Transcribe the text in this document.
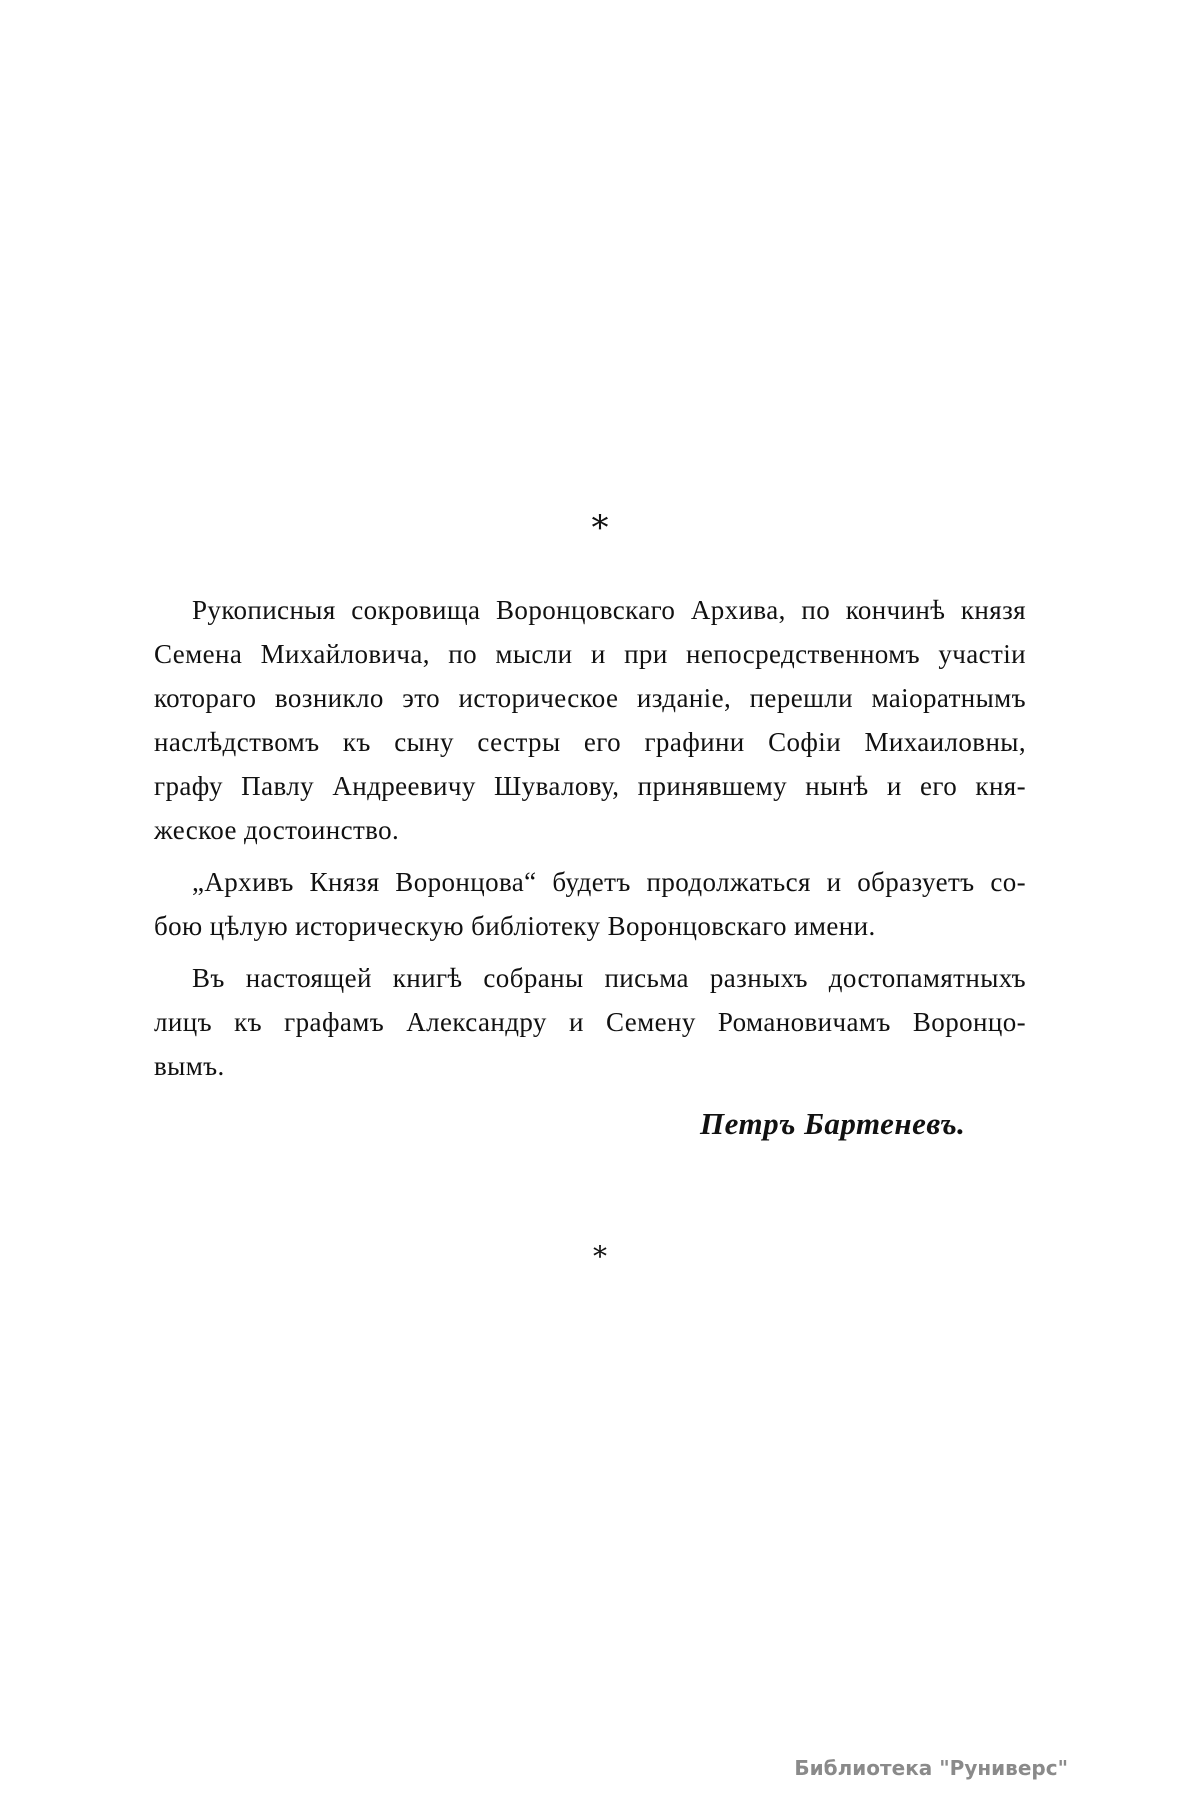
*

Рукописныя сокровища Воронцовскаго Архива, по кончинѣ князя
Семена Михайловича, по мысли и при непосредственномъ участіи
котораго возникло это историческое изданіе, перешли маіоратнымъ
наслѣдствомъ къ сыну сестры его графини Софіи Михаиловны,
графу Павлу Андреевичу Шувалову, принявшему нынѣ и его кня-
жеское достоинство.

„Архивъ Князя Воронцова“ будетъ продолжаться и образуетъ со-
бою цѣлую историческую библіотеку Воронцовскаго имени.

Въ настоящей книгѣ собраны письма разныхъ достопамятныхъ
лицъ къ графамъ Александру и Семену Романовичамъ Воронцо-
вымъ.

Петръ Бартеневъ.
*
Библиотека "Руниверс"
